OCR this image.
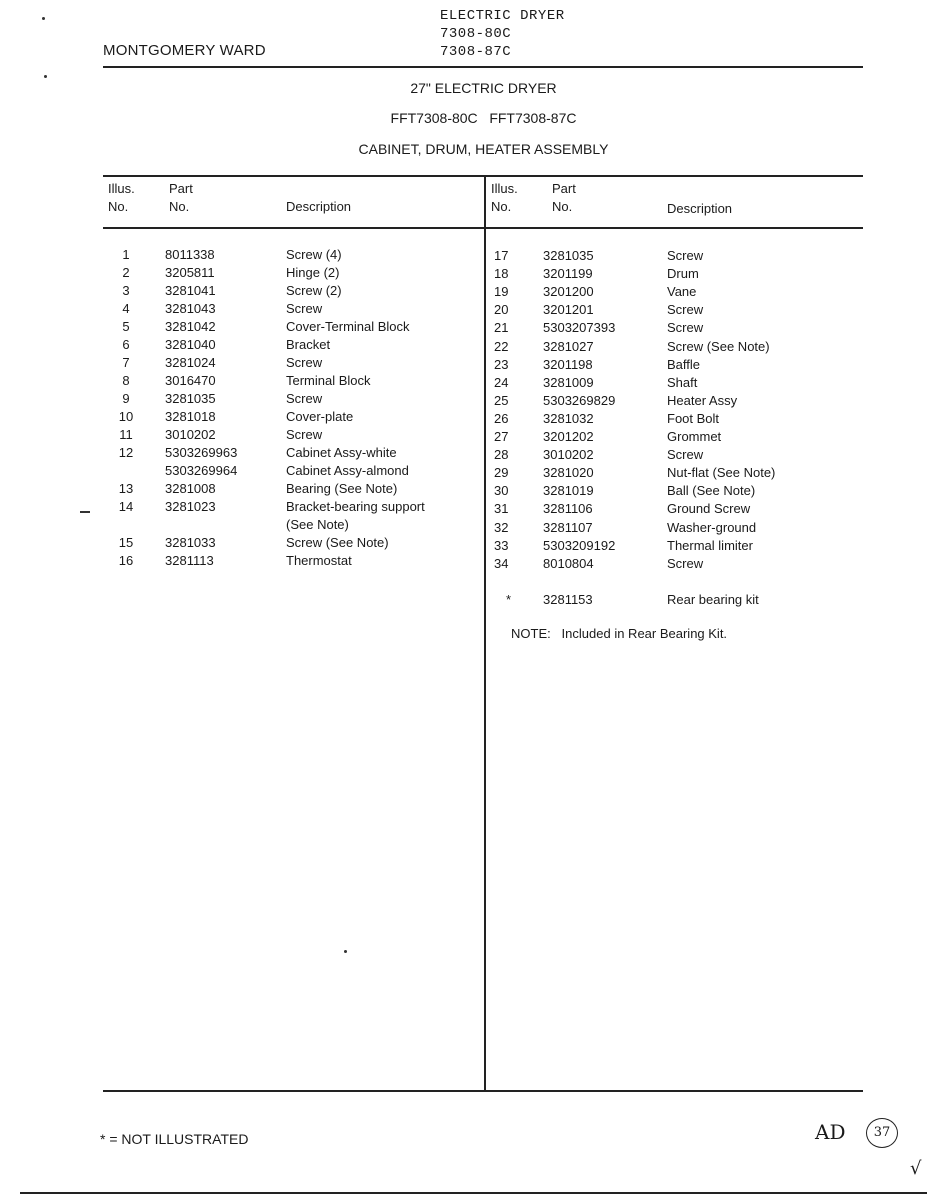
MONTGOMERY WARD
ELECTRIC DRYER
7308-80C
7308-87C
27" ELECTRIC DRYER
FFT7308-80C   FFT7308-87C
CABINET, DRUM, HEATER ASSEMBLY
Illus.
No.
Part
No.	Description
Illus.
No.
Part
No.	Description
1	8011338	Screw (4)
2	3205811	Hinge (2)
3	3281041	Screw (2)
4	3281043	Screw
5	3281042	Cover-Terminal Block
6	3281040	Bracket
7	3281024	Screw
8	3016470	Terminal Block
9	3281035	Screw
10	3281018	Cover-plate
11	3010202	Screw
12	5303269963	Cabinet Assy-white
5303269964	Cabinet Assy-almond
13	3281008	Bearing (See Note)
14	3281023	Bracket-bearing support
(See Note)
15	3281033	Screw (See Note)
16	3281113	Thermostat
17	3281035	Screw
18	3201199	Drum
19	3201200	Vane
20	3201201	Screw
21	5303207393	Screw
22	3281027	Screw (See Note)
23	3201198	Baffle
24	3281009	Shaft
25	5303269829	Heater Assy
26	3281032	Foot Bolt
27	3201202	Grommet
28	3010202	Screw
29	3281020	Nut-flat (See Note)
30	3281019	Ball (See Note)
31	3281106	Ground Screw
32	3281107	Washer-ground
33	5303209192	Thermal limiter
34	8010804	Screw
* 3281153	Rear bearing kit
NOTE:   Included in Rear Bearing Kit.
* = NOT ILLUSTRATED	AD	37
√
